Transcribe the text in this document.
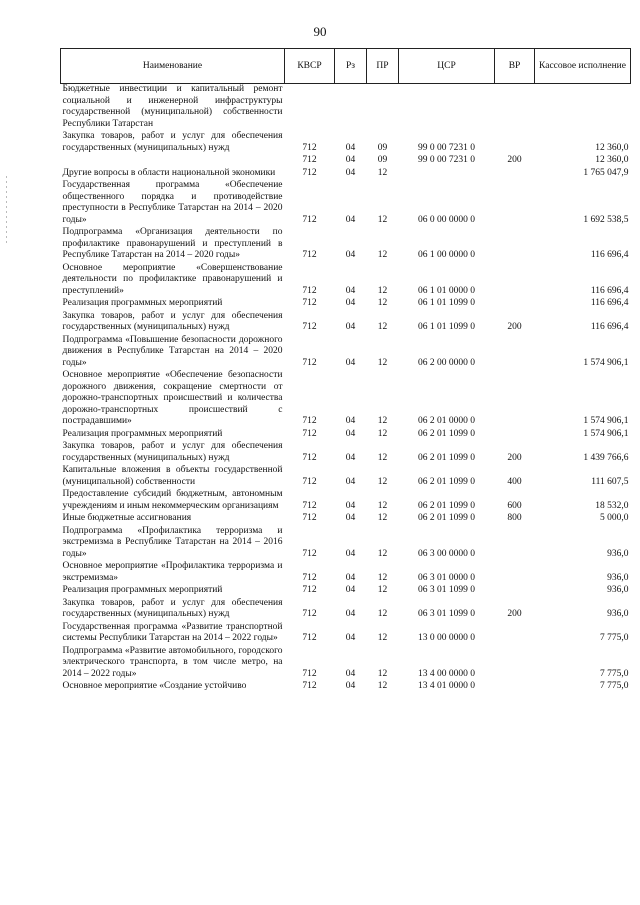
90
Наименование	КВСР	Рз	ПР	ЦСР	ВР	Кассовое исполнение
Бюджетные инвестиции и капитальный ремонт социальной и инженерной инфраструктуры государственной (муниципальной) собственности Республики Татарстан						
Закупка товаров, работ и услуг для обеспечения государственных (муниципальных) нужд	712	04	09	99 0 00 7231 0		12 360,0
	712	04	09	99 0 00 7231 0	200	12 360,0
Другие вопросы в области национальной экономики	712	04	12			1 765 047,9
Государственная программа «Обеспечение общественного порядка и противодействие преступности в Республике Татарстан на 2014 – 2020 годы»	712	04	12	06 0 00 0000 0		1 692 538,5
Подпрограмма «Организация деятельности по профилактике правонарушений и преступлений в Республике Татарстан на 2014 – 2020 годы»	712	04	12	06 1 00 0000 0		116 696,4
Основное мероприятие «Совершенствование деятельности по профилактике правонарушений и преступлений»	712	04	12	06 1 01 0000 0		116 696,4
Реализация программных мероприятий	712	04	12	06 1 01 1099 0		116 696,4
Закупка товаров, работ и услуг для обеспечения государственных (муниципальных) нужд	712	04	12	06 1 01 1099 0	200	116 696,4
Подпрограмма «Повышение безопасности дорожного движения в Республике Татарстан на 2014 – 2020 годы»	712	04	12	06 2 00 0000 0		1 574 906,1
Основное мероприятие «Обеспечение безопасности дорожного движения, сокращение смертности от дорожно-транспортных происшествий и количества дорожно-транспортных происшествий с пострадавшими»	712	04	12	06 2 01 0000 0		1 574 906,1
Реализация программных мероприятий	712	04	12	06 2 01 1099 0		1 574 906,1
Закупка товаров, работ и услуг для обеспечения государственных (муниципальных) нужд	712	04	12	06 2 01 1099 0	200	1 439 766,6
Капитальные вложения в объекты государственной (муниципальной) собственности	712	04	12	06 2 01 1099 0	400	111 607,5
Предоставление субсидий бюджетным, автономным учреждениям и иным некоммерческим организациям	712	04	12	06 2 01 1099 0	600	18 532,0
Иные бюджетные ассигнования	712	04	12	06 2 01 1099 0	800	5 000,0
Подпрограмма «Профилактика терроризма и экстремизма в Республике Татарстан на 2014 – 2016 годы»	712	04	12	06 3 00 0000 0		936,0
Основное мероприятие «Профилактика терроризма и экстремизма»	712	04	12	06 3 01 0000 0		936,0
Реализация программных мероприятий	712	04	12	06 3 01 1099 0		936,0
Закупка товаров, работ и услуг для обеспечения государственных (муниципальных) нужд	712	04	12	06 3 01 1099 0	200	936,0
Государственная программа «Развитие транспортной системы Республики Татарстан на 2014 – 2022 годы»	712	04	12	13 0 00 0000 0		7 775,0
Подпрограмма «Развитие автомобильного, городского электрического транспорта, в том числе метро, на 2014 – 2022 годы»	712	04	12	13 4 00 0000 0		7 775,0
Основное мероприятие «Создание устойчиво	712	04	12	13 4 01 0000 0		7 775,0
